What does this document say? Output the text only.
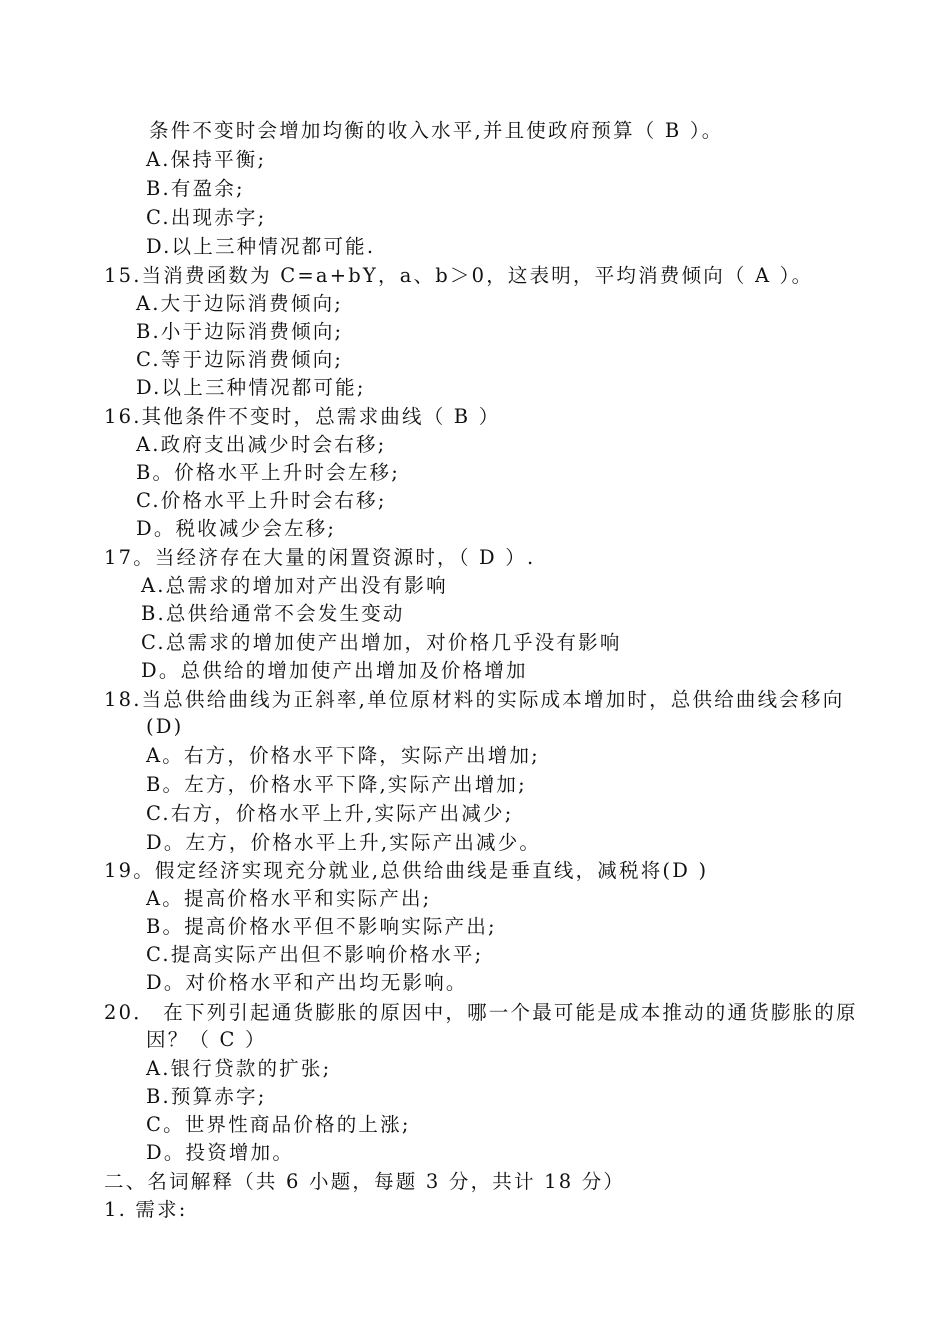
条件不变时会增加均衡的收入水平,并且使政府预算（ B ）。
A.保持平衡;
B.有盈余;
C.出现赤字;
D.以上三种情况都可能.
15.当消费函数为 C=a+bY，a、b＞0，这表明，平均消费倾向（ A ）。
A.大于边际消费倾向;
B.小于边际消费倾向;
C.等于边际消费倾向;
D.以上三种情况都可能;
16.其他条件不变时，总需求曲线（ B ）
A.政府支出减少时会右移;
B。价格水平上升时会左移;
C.价格水平上升时会右移;
D。税收减少会左移;
17。当经济存在大量的闲置资源时，（ D ）.
A.总需求的增加对产出没有影响
B.总供给通常不会发生变动
C.总需求的增加使产出增加，对价格几乎没有影响
D。总供给的增加使产出增加及价格增加
18.当总供给曲线为正斜率,单位原材料的实际成本增加时，总供给曲线会移向
(D)
A。右方，价格水平下降，实际产出增加;
B。左方，价格水平下降,实际产出增加;
C.右方，价格水平上升,实际产出减少;
D。左方，价格水平上升,实际产出减少。
19。假定经济实现充分就业,总供给曲线是垂直线，减税将(D )
A。提高价格水平和实际产出;
B。提高价格水平但不影响实际产出;
C.提高实际产出但不影响价格水平;
D。对价格水平和产出均无影响。
20． 在下列引起通货膨胀的原因中，哪一个最可能是成本推动的通货膨胀的原
因？（ C ）
A.银行贷款的扩张;
B.预算赤字;
C。世界性商品价格的上涨;
D。投资增加。
二、名词解释（共 6 小题，每题 3 分，共计 18 分）
1. 需求:
